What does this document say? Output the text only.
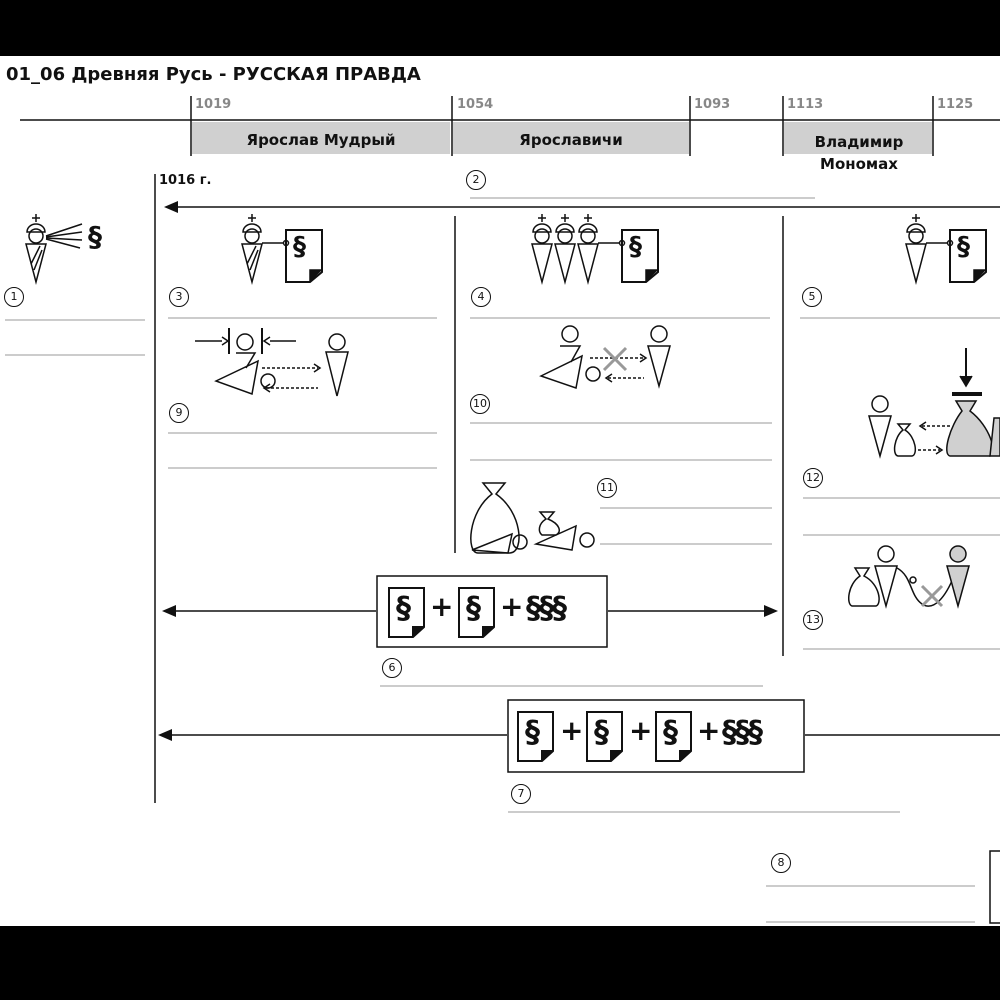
01_06 Древняя Русь - РУССКАЯ ПРАВДА
1019	1054	1093	1113	1125
Ярослав Мудрый	Ярославичи	Владимир
Мономах
1016 г.
§	§	§	§
§ + § + §§§
§ + § + § + §§§
1
2
3	4	5
6
7
8
9
10
11
12
13
